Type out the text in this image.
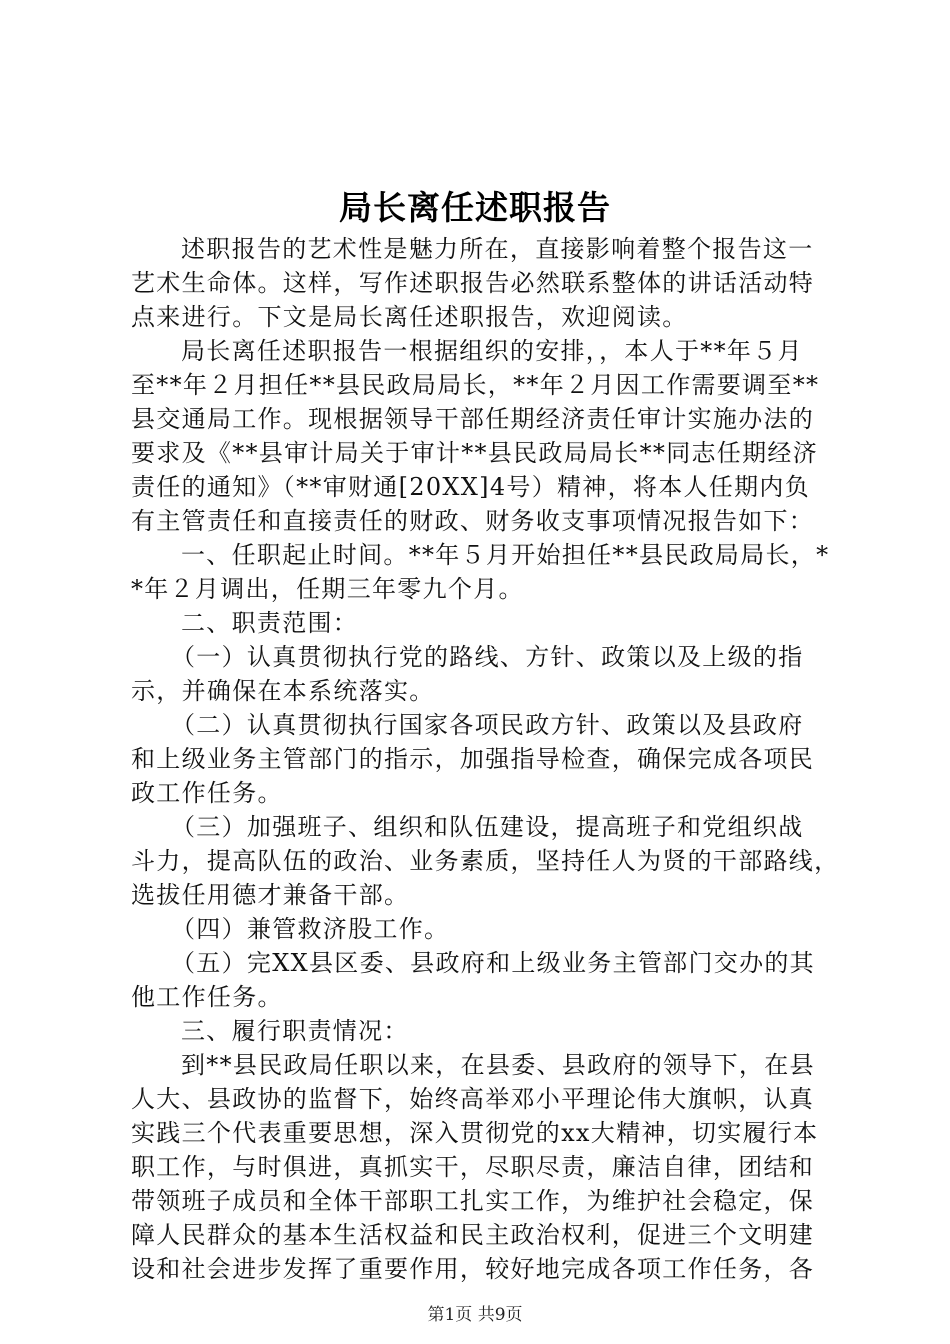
局长离任述职报告
述职报告的艺术性是魅力所在，直接影响着整个报告这一
艺术生命体。这样，写作述职报告必然联系整体的讲话活动特
点来进行。下文是局长离任述职报告，欢迎阅读。
局长离任述职报告一根据组织的安排，，本人于**年５月
至**年２月担任**县民政局局长，**年２月因工作需要调至**
县交通局工作。现根据领导干部任期经济责任审计实施办法的
要求及《**县审计局关于审计**县民政局局长**同志任期经济
责任的通知》（**审财通[20XX]4号）精神，将本人任期内负
有主管责任和直接责任的财政、财务收支事项情况报告如下：
一、任职起止时间。**年５月开始担任**县民政局局长，*
*年２月调出，任期三年零九个月。
二、职责范围：
（一）认真贯彻执行党的路线、方针、政策以及上级的指
示，并确保在本系统落实。
（二）认真贯彻执行国家各项民政方针、政策以及县政府
和上级业务主管部门的指示，加强指导检查，确保完成各项民
政工作任务。
（三）加强班子、组织和队伍建设，提高班子和党组织战
斗力，提高队伍的政治、业务素质，坚持任人为贤的干部路线，
选拔任用德才兼备干部。
（四）兼管救济股工作。
（五）完XX县区委、县政府和上级业务主管部门交办的其
他工作任务。
三、履行职责情况：
到**县民政局任职以来，在县委、县政府的领导下，在县
人大、县政协的监督下，始终高举邓小平理论伟大旗帜，认真
实践三个代表重要思想，深入贯彻党的xx大精神，切实履行本
职工作，与时俱进，真抓实干，尽职尽责，廉洁自律，团结和
带领班子成员和全体干部职工扎实工作，为维护社会稳定，保
障人民群众的基本生活权益和民主政治权利，促进三个文明建
设和社会进步发挥了重要作用，较好地完成各项工作任务，各
第1页 共9页
